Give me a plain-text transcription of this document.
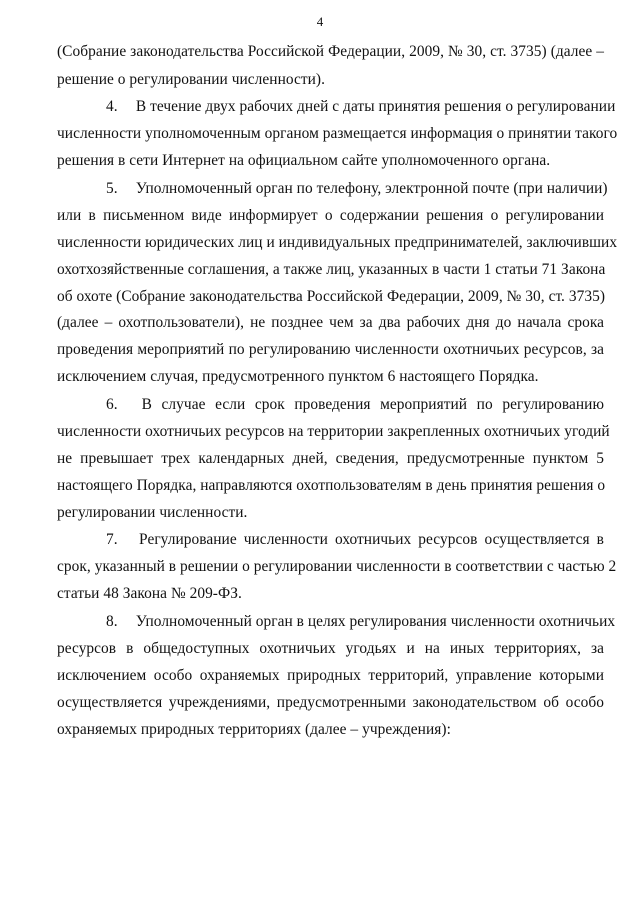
4
(Собрание законодательства Российской Федерации, 2009, № 30, ст. 3735) (далее –
решение о регулировании численности).
4. В течение двух рабочих дней с даты принятия решения о регулировании
численности уполномоченным органом размещается информация о принятии такого
решения в сети Интернет на официальном сайте уполномоченного органа.
5. Уполномоченный орган по телефону, электронной почте (при наличии)
или в письменном виде информирует о содержании решения о регулировании
численности юридических лиц и индивидуальных предпринимателей, заключивших
охотхозяйственные соглашения, а также лиц, указанных в части 1 статьи 71 Закона
об охоте (Собрание законодательства Российской Федерации, 2009, № 30, ст. 3735)
(далее – охотпользователи), не позднее чем за два рабочих дня до начала срока
проведения мероприятий по регулированию численности охотничьих ресурсов, за
исключением случая, предусмотренного пунктом 6 настоящего Порядка.
6. В случае если срок проведения мероприятий по регулированию
численности охотничьих ресурсов на территории закрепленных охотничьих угодий
не превышает трех календарных дней, сведения, предусмотренные пунктом 5
настоящего Порядка, направляются охотпользователям в день принятия решения о
регулировании численности.
7. Регулирование численности охотничьих ресурсов осуществляется в
срок, указанный в решении о регулировании численности в соответствии с частью 2
статьи 48 Закона № 209-ФЗ.
8. Уполномоченный орган в целях регулирования численности охотничьих
ресурсов в общедоступных охотничьих угодьях и на иных территориях, за
исключением особо охраняемых природных территорий, управление которыми
осуществляется учреждениями, предусмотренными законодательством об особо
охраняемых природных территориях (далее – учреждения):
